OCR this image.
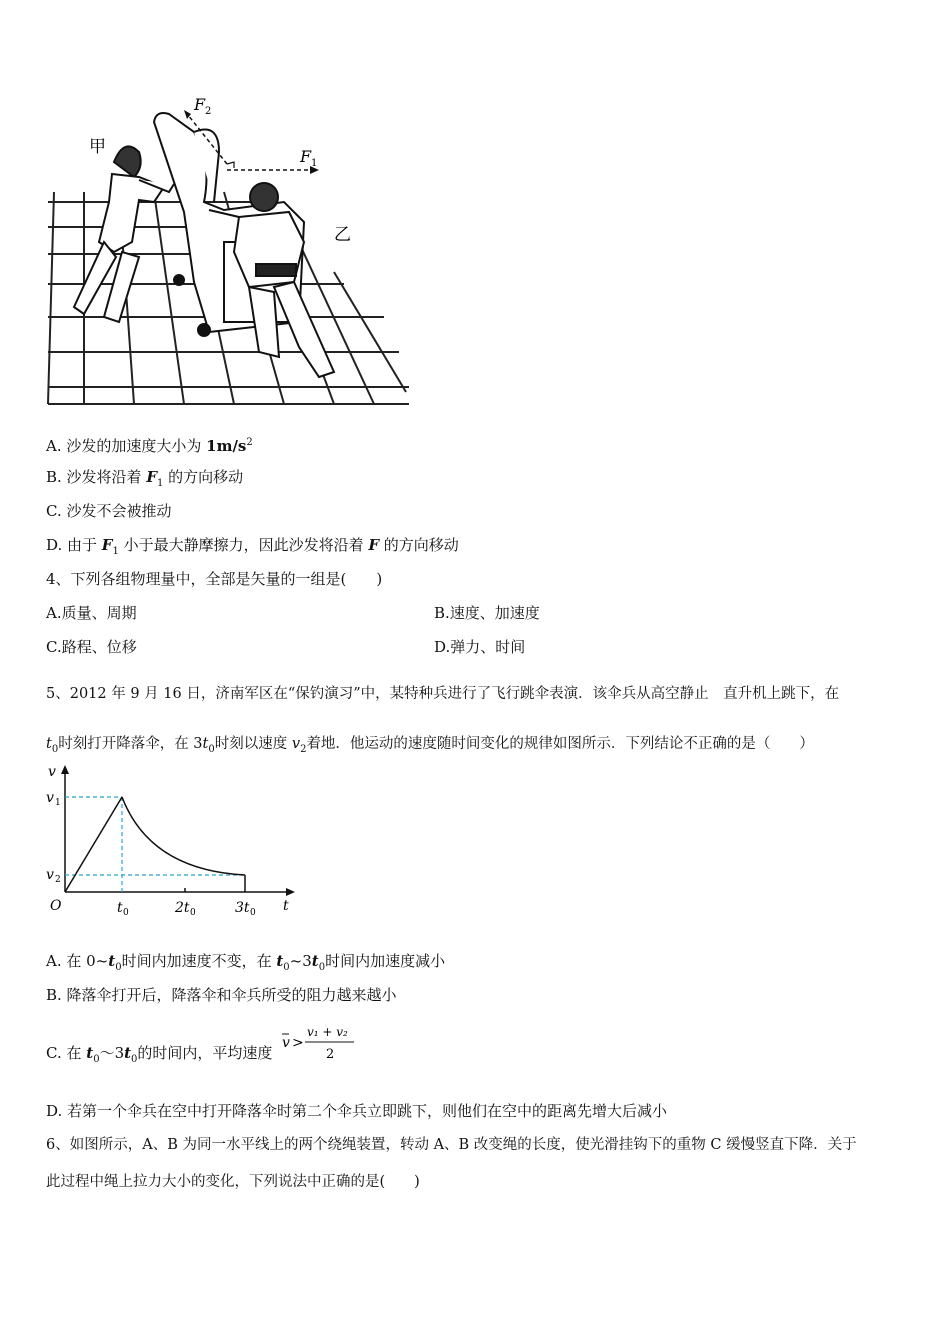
甲
乙
F 1
F 2
A. 沙发的加速度大小为 $1m/s^2$
B. 沙发将沿着 $F_1$ 的方向移动
C. 沙发不会被推动
D. 由于 $F_1$ 小于最大静摩擦力，因此沙发将沿着 F 的方向移动
4、下列各组物理量中，全部是矢量的一组是(　　)
A.质量、周期	B.速度、加速度
C.路程、位移	D.弹力、时间
5、2012 年 9 月 16 日，济南军区在“保钓演习”中，某特种兵进行了飞行跳伞表演．该伞兵从高空静止　直升机上跳下，在
$t_0$时刻打开降落伞，在 $3t_0$时刻以速度 $v_2$着地．他运动的速度随时间变化的规律如图所示．下列结论不正确的是（　　）
v
t
O
v 1
v 2
t 0	2t 0	3t 0
A. 在 $0\sim t_0$时间内加速度不变，在 $t_0\sim 3t_0$时间内加速度减小
B. 降落伞打开后，降落伞和伞兵所受的阻力越来越小
C. 在 $t_0\sim 3t_0$的时间内，平均速度
v >
v₁ + v₂
2
D. 若第一个伞兵在空中打开降落伞时第二个伞兵立即跳下，则他们在空中的距离先增大后减小
6、如图所示，A、B 为同一水平线上的两个绕绳装置，转动 A、B 改变绳的长度，使光滑挂钩下的重物 C 缓慢竖直下降．关于
此过程中绳上拉力大小的变化，下列说法中正确的是(　　)
